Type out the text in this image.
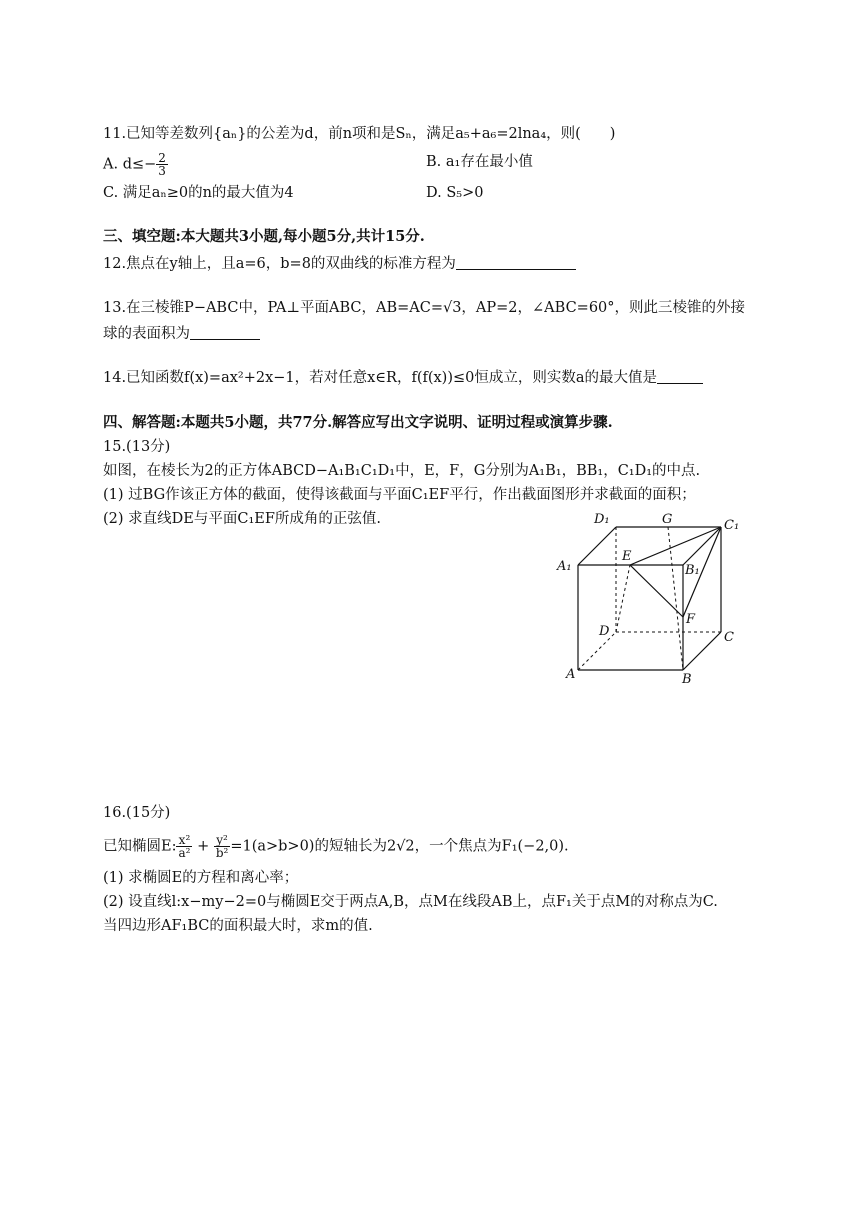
11.已知等差数列{aₙ}的公差为d，前n项和是Sₙ，满足a₅+a₆=2lna₄，则(　　)
A. $d\le- \frac{2}{3}$	B. a₁存在最小值
C. 满足aₙ≥0的n的最大值为4	D. S₅>0
三、填空题:本大题共3小题,每小题5分,共计15分.
12.焦点在y轴上，且a=6，b=8的双曲线的标准方程为
13.在三棱锥P−ABC中，PA⊥平面ABC，AB=AC=√3，AP=2，∠ABC=60°，则此三棱锥的外接
球的表面积为
14.已知函数f(x)=ax²+2x−1，若对任意x∈R，f(f(x))≤0恒成立，则实数a的最大值是
四、解答题:本题共5小题，共77分.解答应写出文字说明、证明过程或演算步骤.
15.(13分)
如图，在棱长为2的正方体ABCD−A₁B₁C₁D₁中，E，F，G分别为A₁B₁，BB₁，C₁D₁的中点.
(1) 过BG作该正方体的截面，使得该截面与平面C₁EF平行，作出截面图形并求截面的面积；
(2) 求直线DE与平面C₁EF所成角的正弦值.	D₁	G	C₁
E
A₁	B₁
F
D	C
A	B
16.(15分)
已知椭圆E: $\frac{\text{x²}}{\text{a²}} + \frac{\text{y²}}{\text{b²}} =1(a>b>0)$的短轴长为2√2，一个焦点为F₁(−2,0).
(1) 求椭圆E的方程和离心率；
(2) 设直线l:x−my−2=0与椭圆E交于两点A,B，点M在线段AB上，点F₁关于点M的对称点为C.
当四边形AF₁BC的面积最大时，求m的值.
